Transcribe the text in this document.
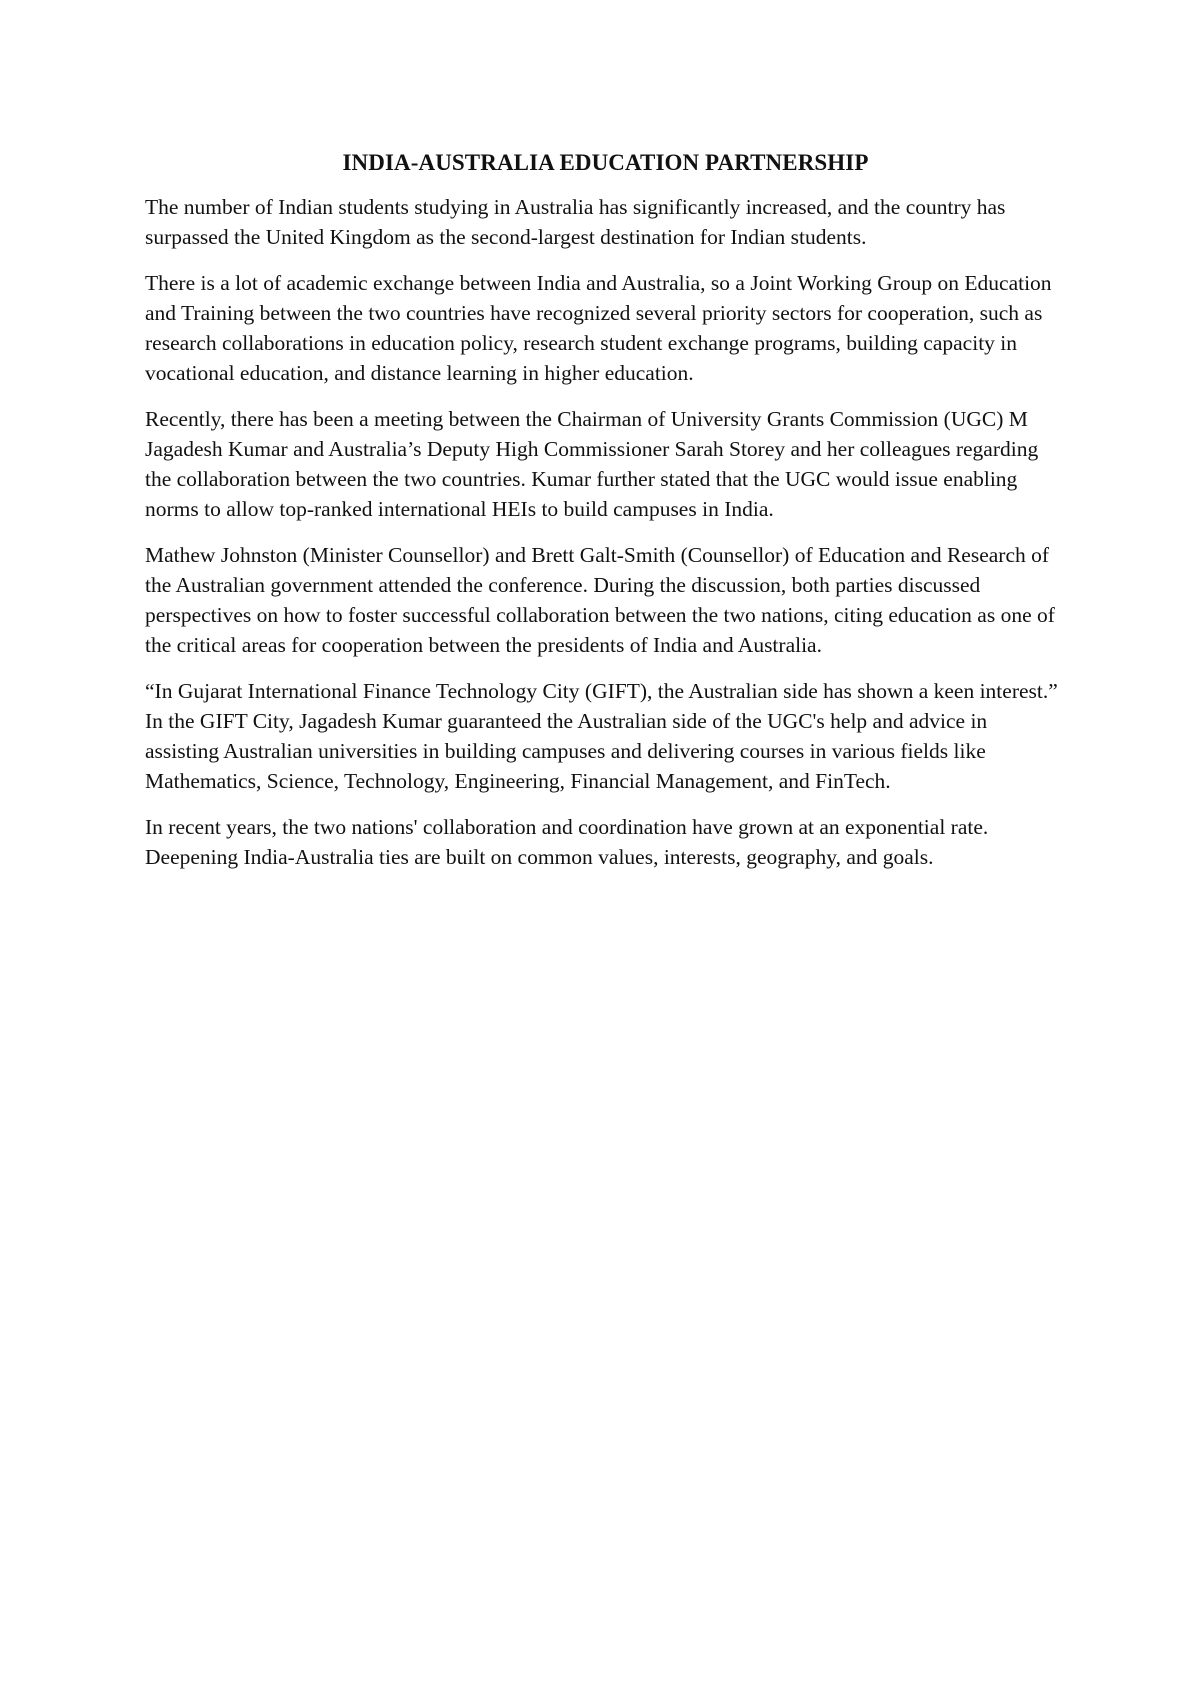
INDIA-AUSTRALIA EDUCATION PARTNERSHIP

The number of Indian students studying in Australia has significantly increased, and the country has surpassed the United Kingdom as the second-largest destination for Indian students.

There is a lot of academic exchange between India and Australia, so a Joint Working Group on Education and Training between the two countries have recognized several priority sectors for cooperation, such as research collaborations in education policy, research student exchange programs, building capacity in vocational education, and distance learning in higher education.

Recently, there has been a meeting between the Chairman of University Grants Commission (UGC) M Jagadesh Kumar and Australia’s Deputy High Commissioner Sarah Storey and her colleagues regarding the collaboration between the two countries. Kumar further stated that the UGC would issue enabling norms to allow top-ranked international HEIs to build campuses in India.

Mathew Johnston (Minister Counsellor) and Brett Galt-Smith (Counsellor) of Education and Research of the Australian government attended the conference. During the discussion, both parties discussed perspectives on how to foster successful collaboration between the two nations, citing education as one of the critical areas for cooperation between the presidents of India and Australia.

“In Gujarat International Finance Technology City (GIFT), the Australian side has shown a keen interest.” In the GIFT City, Jagadesh Kumar guaranteed the Australian side of the UGC's help and advice in assisting Australian universities in building campuses and delivering courses in various fields like Mathematics, Science, Technology, Engineering, Financial Management, and FinTech.

In recent years, the two nations' collaboration and coordination have grown at an exponential rate. Deepening India-Australia ties are built on common values, interests, geography, and goals.
